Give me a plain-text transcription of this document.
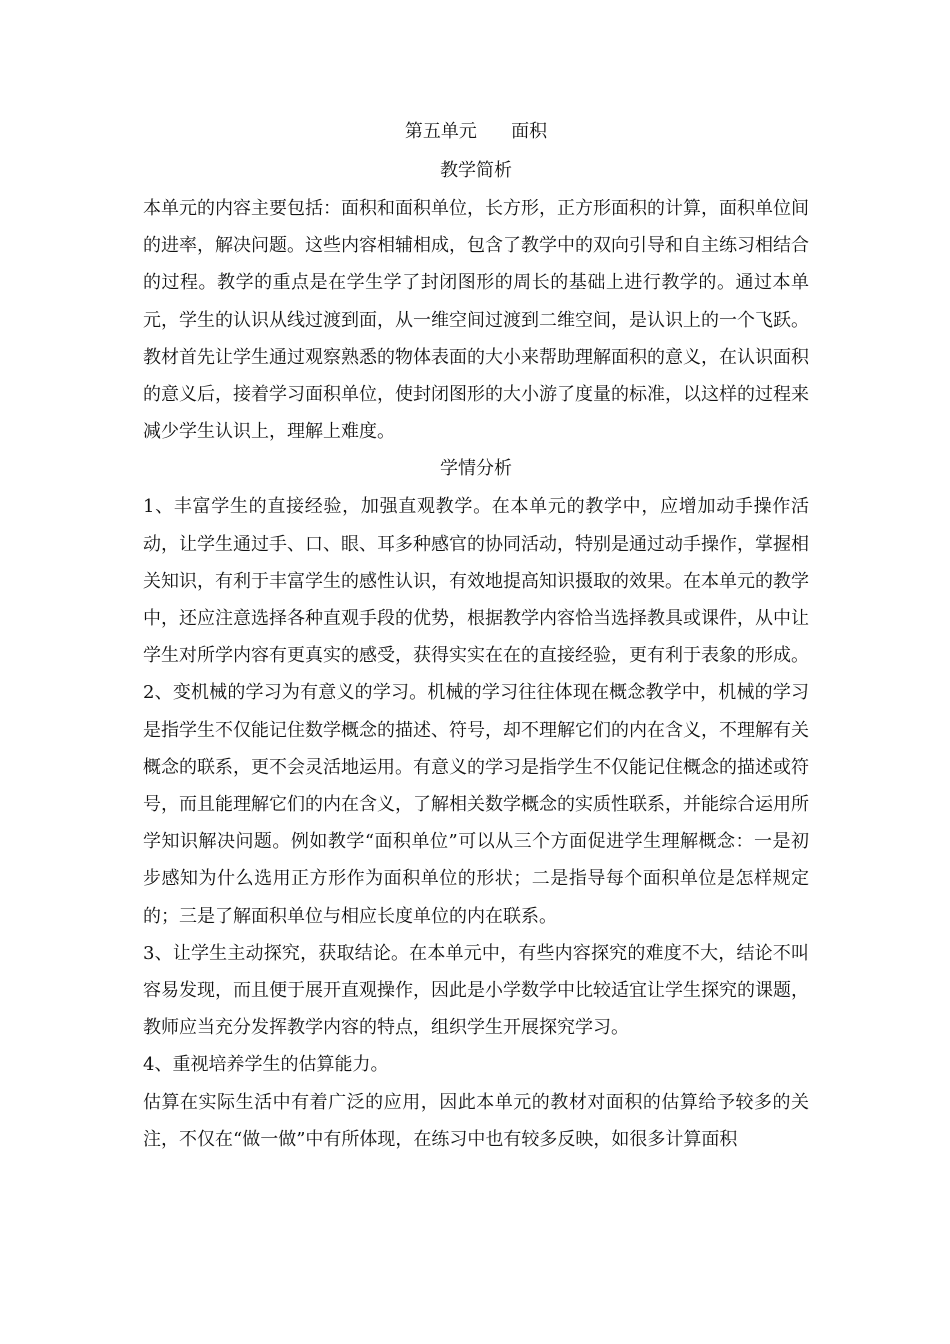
第五单元      面积
教学简析

本单元的内容主要包括：面积和面积单位，长方形，正方形面积的计算，面积单位间的进率，解决问题。这些内容相辅相成，包含了教学中的双向引导和自主练习相结合的过程。教学的重点是在学生学了封闭图形的周长的基础上进行教学的。通过本单元，学生的认识从线过渡到面，从一维空间过渡到二维空间，是认识上的一个飞跃。教材首先让学生通过观察熟悉的物体表面的大小来帮助理解面积的意义，在认识面积的意义后，接着学习面积单位，使封闭图形的大小游了度量的标准，以这样的过程来减少学生认识上，理解上难度。

学情分析

1、丰富学生的直接经验，加强直观教学。在本单元的教学中，应增加动手操作活动，让学生通过手、口、眼、耳多种感官的协同活动，特别是通过动手操作，掌握相关知识，有利于丰富学生的感性认识，有效地提高知识摄取的效果。在本单元的教学中，还应注意选择各种直观手段的优势，根据教学内容恰当选择教具或课件，从中让学生对所学内容有更真实的感受，获得实实在在的直接经验，更有利于表象的形成。

2、变机械的学习为有意义的学习。机械的学习往往体现在概念教学中，机械的学习是指学生不仅能记住数学概念的描述、符号，却不理解它们的内在含义，不理解有关概念的联系，更不会灵活地运用。有意义的学习是指学生不仅能记住概念的描述或符号，而且能理解它们的内在含义，了解相关数学概念的实质性联系，并能综合运用所学知识解决问题。例如教学“面积单位”可以从三个方面促进学生理解概念：一是初步感知为什么选用正方形作为面积单位的形状；二是指导每个面积单位是怎样规定的；三是了解面积单位与相应长度单位的内在联系。

3、让学生主动探究，获取结论。在本单元中，有些内容探究的难度不大，结论不叫容易发现，而且便于展开直观操作，因此是小学数学中比较适宜让学生探究的课题，教师应当充分发挥教学内容的特点，组织学生开展探究学习。

4、重视培养学生的估算能力。

估算在实际生活中有着广泛的应用，因此本单元的教材对面积的估算给予较多的关注，不仅在“做一做”中有所体现，在练习中也有较多反映，如很多计算面积
